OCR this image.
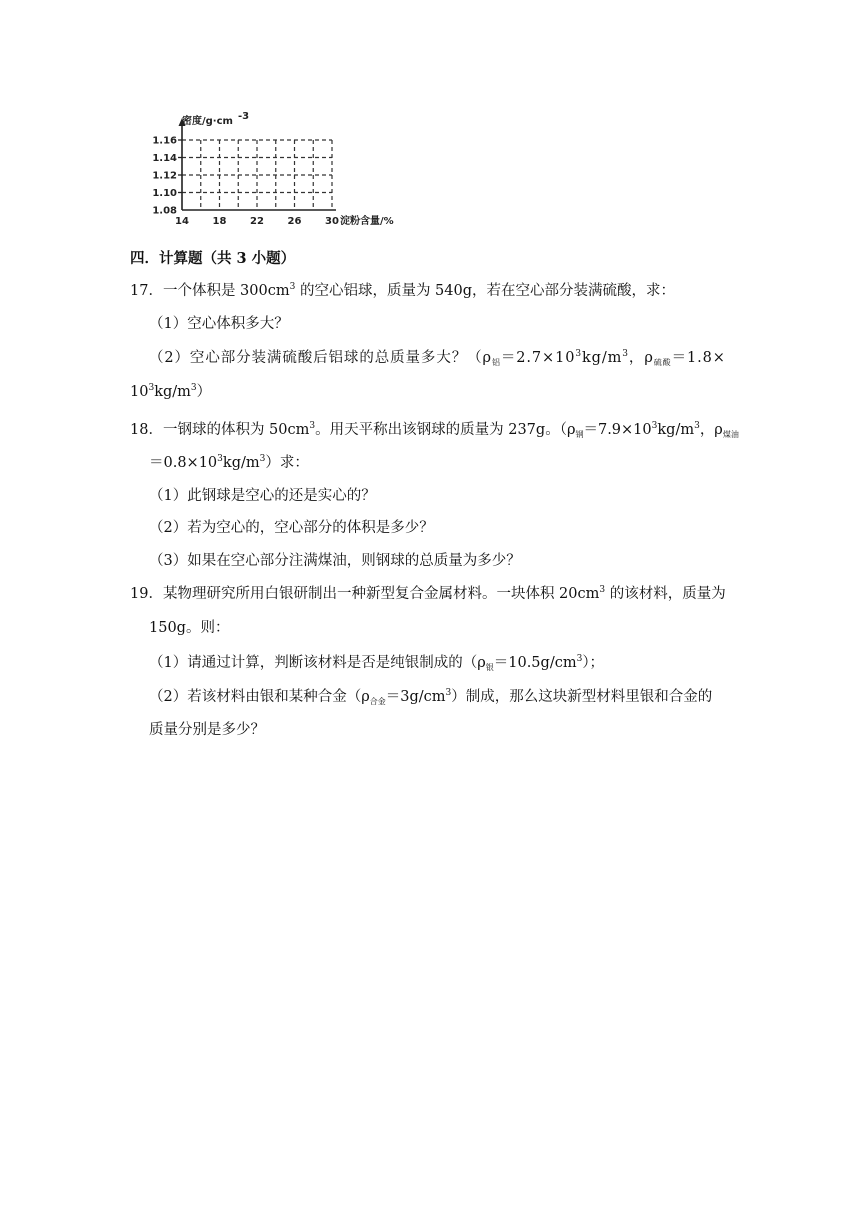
1.08
1.10
1.12
1.14
1.16
14 18 22 26 30
密度/g·cm -3
淀粉含量/%
四．计算题（共 3 小题）
17．一个体积是 $300cm^3$ 的空心铝球，质量为 540g，若在空心部分装满硫酸，求：
（1）空心体积多大？
（2）空心部分装满硫酸后铝球的总质量多大？（$\rho_铝=2.7\times 10^3kg/m^3$，$\rho_{硫酸}=1.8\times$
$10^3kg/m^3$）
18．一钢球的体积为 $50cm^3$。用天平称出该钢球的质量为 237g。（$\rho_钢=7.9\times 10^3kg/m^3$，$\rho_{煤油}$
$=0.8\times 10^3kg/m^3$）求：
（1）此钢球是空心的还是实心的？
（2）若为空心的，空心部分的体积是多少？
（3）如果在空心部分注满煤油，则钢球的总质量为多少？
19．某物理研究所用白银研制出一种新型复合金属材料。一块体积 $20cm^3$ 的该材料，质量为
150g。则：
（1）请通过计算，判断该材料是否是纯银制成的$(\rho_银=10.5g/cm^3)$；
（2）若该材料由银和某种合金$(\rho_{合金}=3g/cm^3)$制成，那么这块新型材料里银和合金的
质量分别是多少？
